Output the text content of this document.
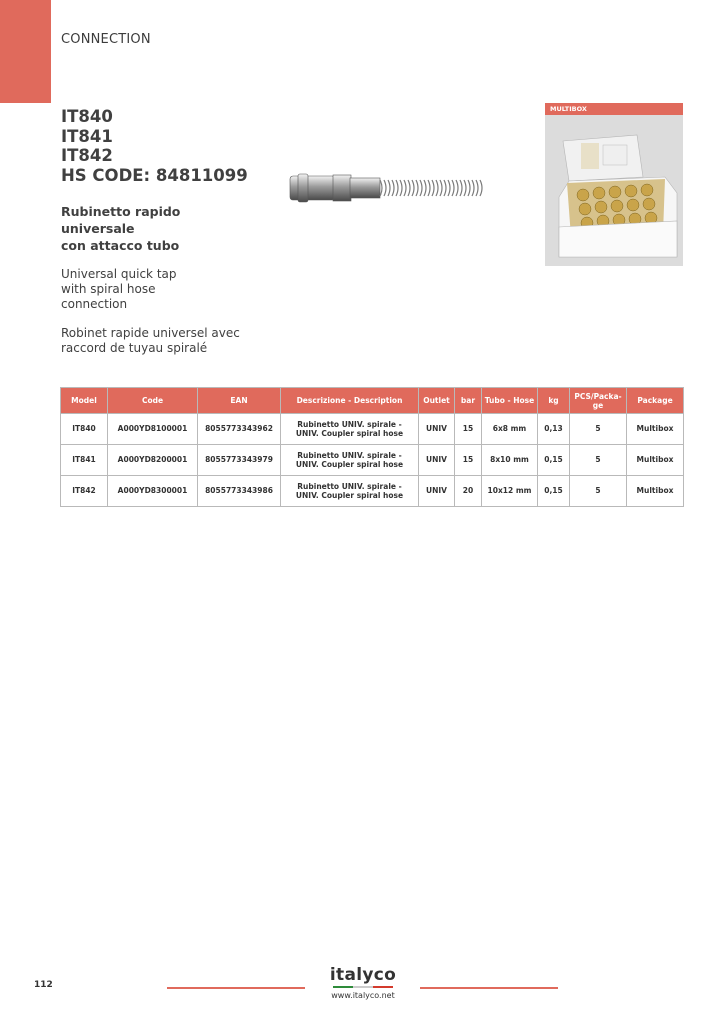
CONNECTION
IT840
IT841
IT842
HS CODE: 84811099
Rubinetto rapido
universale
con attacco tubo
Universal quick tap
with spiral hose
connection
Robinet rapide universel avec
raccord de tuyau spiralé
MULTIBOX
Model	Code	EAN	Descrizione - Description	Outlet	bar	Tubo - Hose	kg	PCS/Packa-ge	Package
IT840	A000YD8100001	8055773343962	Rubinetto UNIV. spirale -
UNIV. Coupler spiral hose	UNIV	15	6x8 mm	0,13	5	Multibox
IT841	A000YD8200001	8055773343979	Rubinetto UNIV. spirale -
UNIV. Coupler spiral hose	UNIV	15	8x10 mm	0,15	5	Multibox
IT842	A000YD8300001	8055773343986	Rubinetto UNIV. spirale -
UNIV. Coupler spiral hose	UNIV	20	10x12 mm	0,15	5	Multibox
112	italyco
www.italyco.net
